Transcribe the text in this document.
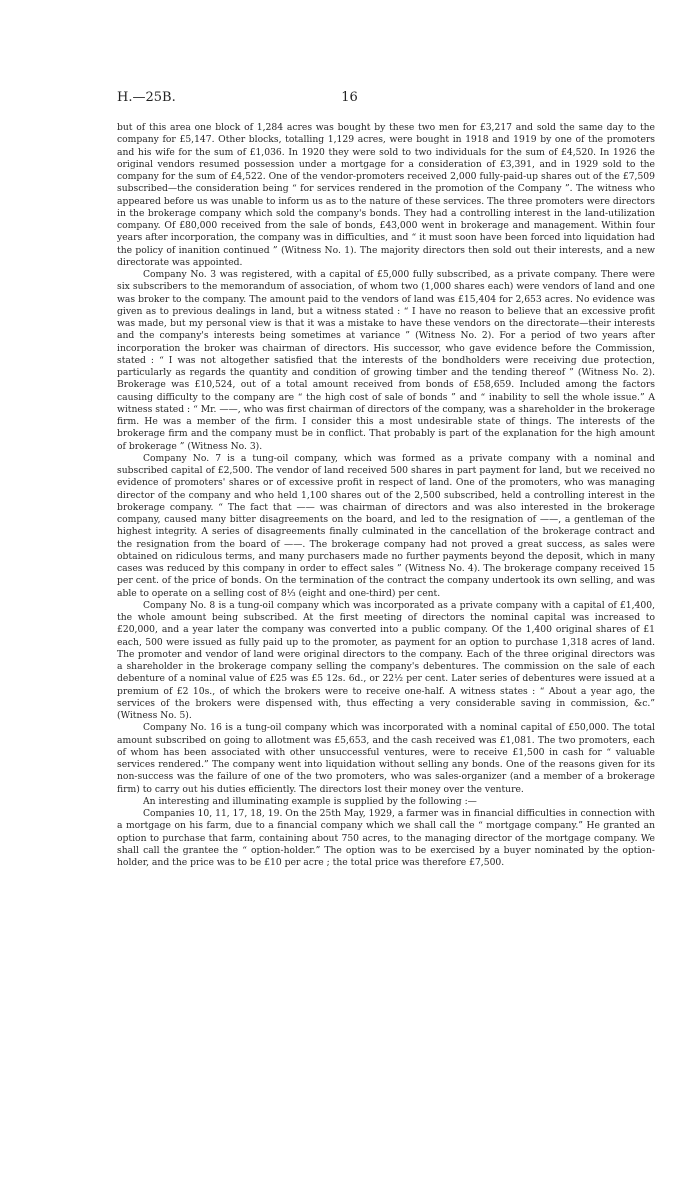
H.—25B.	16

but of this area one block of 1,284 acres was bought by these two men for £3,217 and sold the same day to the company for £5,147. Other blocks, totalling 1,129 acres, were bought in 1918 and 1919 by one of the promoters and his wife for the sum of £1,036. In 1920 they were sold to two individuals for the sum of £4,520. In 1926 the original vendors resumed possession under a mortgage for a consideration of £3,391, and in 1929 sold to the company for the sum of £4,522. One of the vendor-promoters received 2,000 fully-paid-up shares out of the £7,509 subscribed—the consideration being “ for services rendered in the promotion of the Company ”. The witness who appeared before us was unable to inform us as to the nature of these services. The three promoters were directors in the brokerage company which sold the company's bonds. They had a controlling interest in the land-utilization company. Of £80,000 received from the sale of bonds, £43,000 went in brokerage and management. Within four years after incorporation, the company was in difficulties, and “ it must soon have been forced into liquidation had the policy of inanition continued ” (Witness No. 1). The majority directors then sold out their interests, and a new directorate was appointed.

Company No. 3 was registered, with a capital of £5,000 fully subscribed, as a private company. There were six subscribers to the memorandum of association, of whom two (1,000 shares each) were vendors of land and one was broker to the company. The amount paid to the vendors of land was £15,404 for 2,653 acres. No evidence was given as to previous dealings in land, but a witness stated : “ I have no reason to believe that an excessive profit was made, but my personal view is that it was a mistake to have these vendors on the directorate—their interests and the company's interests being sometimes at variance ” (Witness No. 2). For a period of two years after incorporation the broker was chairman of directors. His successor, who gave evidence before the Commission, stated : “ I was not altogether satisfied that the interests of the bondholders were receiving due protection, particularly as regards the quantity and condition of growing timber and the tending thereof ” (Witness No. 2). Brokerage was £10,524, out of a total amount received from bonds of £58,659. Included among the factors causing difficulty to the company are “ the high cost of sale of bonds ” and “ inability to sell the whole issue.” A witness stated : “ Mr. ——, who was first chairman of directors of the company, was a shareholder in the brokerage firm. He was a member of the firm. I consider this a most undesirable state of things. The interests of the brokerage firm and the company must be in conflict. That probably is part of the explanation for the high amount of brokerage ” (Witness No. 3).

Company No. 7 is a tung-oil company, which was formed as a private company with a nominal and subscribed capital of £2,500. The vendor of land received 500 shares in part payment for land, but we received no evidence of promoters' shares or of excessive profit in respect of land. One of the promoters, who was managing director of the company and who held 1,100 shares out of the 2,500 subscribed, held a controlling interest in the brokerage company. “ The fact that —— was chairman of directors and was also interested in the brokerage company, caused many bitter disagreements on the board, and led to the resignation of ——, a gentleman of the highest integrity. A series of disagreements finally culminated in the cancellation of the brokerage contract and the resignation from the board of ——. The brokerage company had not proved a great success, as sales were obtained on ridiculous terms, and many purchasers made no further payments beyond the deposit, which in many cases was reduced by this company in order to effect sales ” (Witness No. 4). The brokerage company received 15 per cent. of the price of bonds. On the termination of the contract the company undertook its own selling, and was able to operate on a selling cost of 8⅓ (eight and one-third) per cent.

Company No. 8 is a tung-oil company which was incorporated as a private company with a capital of £1,400, the whole amount being subscribed. At the first meeting of directors the nominal capital was increased to £20,000, and a year later the company was converted into a public company. Of the 1,400 original shares of £1 each, 500 were issued as fully paid up to the promoter, as payment for an option to purchase 1,318 acres of land. The promoter and vendor of land were original directors to the company. Each of the three original directors was a shareholder in the brokerage company selling the company's debentures. The commission on the sale of each debenture of a nominal value of £25 was £5 12s. 6d., or 22½ per cent. Later series of debentures were issued at a premium of £2 10s., of which the brokers were to receive one-half. A witness states : “ About a year ago, the services of the brokers were dispensed with, thus effecting a very considerable saving in commission, &c.” (Witness No. 5).

Company No. 16 is a tung-oil company which was incorporated with a nominal capital of £50,000. The total amount subscribed on going to allotment was £5,653, and the cash received was £1,081. The two promoters, each of whom has been associated with other unsuccessful ventures, were to receive £1,500 in cash for “ valuable services rendered.” The company went into liquidation without selling any bonds. One of the reasons given for its non-success was the failure of one of the two promoters, who was sales-organizer (and a member of a brokerage firm) to carry out his duties efficiently. The directors lost their money over the venture.

An interesting and illuminating example is supplied by the following :—

Companies 10, 11, 17, 18, 19. On the 25th May, 1929, a farmer was in financial difficulties in connection with a mortgage on his farm, due to a financial company which we shall call the “ mortgage company.” He granted an option to purchase that farm, containing about 750 acres, to the managing director of the mortgage company. We shall call the grantee the “ option-holder.” The option was to be exercised by a buyer nominated by the option-holder, and the price was to be £10 per acre ; the total price was therefore £7,500.
